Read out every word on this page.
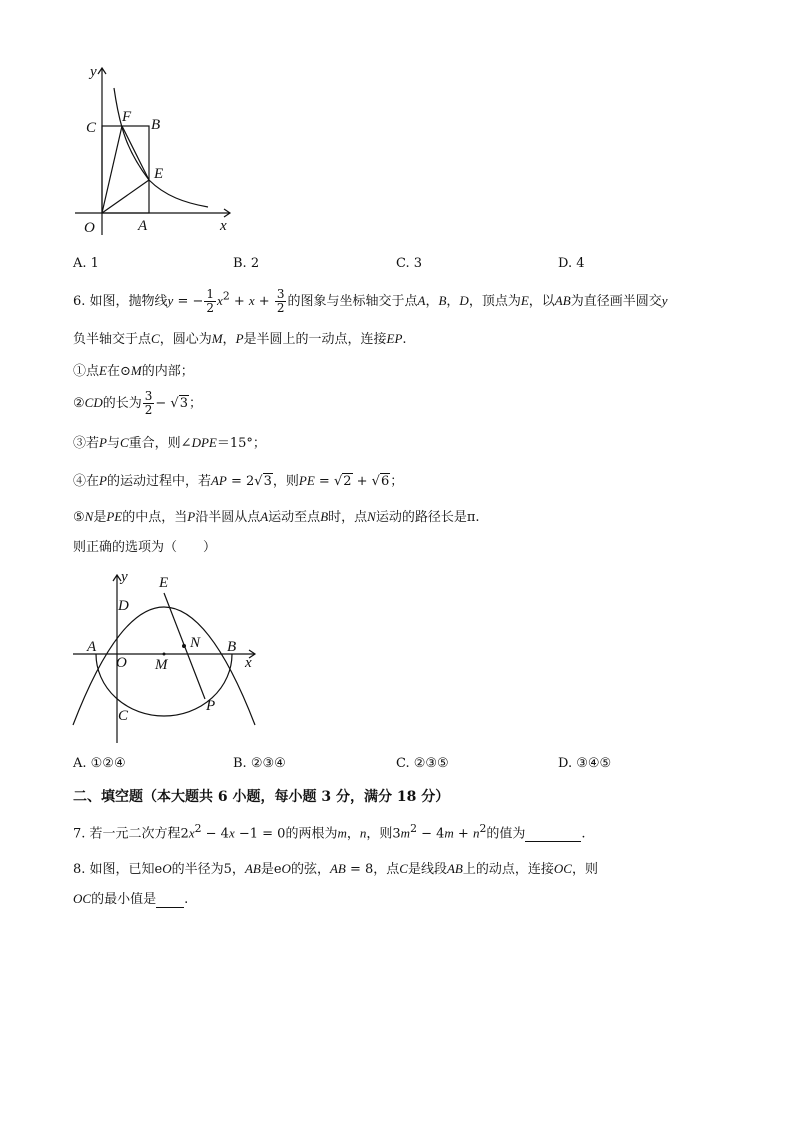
y
x
C
F B
E
O	A
A. 1	B. 2	C. 3	D. 4
6. 如图，抛物线y = − $\frac{1}{2} x^2 + x + \frac{3}{2}$ 的图象与坐标轴交于点A，B，D，顶点为E，以AB为直径画半圆交y
负半轴交于点C，圆心为M，P是半圆上的一动点，连接EP.
①点E在⊙M的内部；
②CD的长为 $\frac{3}{2} - √3$；
③若P与C重合，则∠DPE＝15°；
④在P的运动过程中，若AP = 2√3，则PE = √2 + √6；
⑤N是PE的中点，当P沿半圆从点A运动至点B时，点N运动的路径长是π.
则正确的选项为（　　）
y E
D
N
A
O M
B
x
C
P
A. ①②④	B. ②③④	C. ②③⑤	D. ③④⑤
二、填空题（本大题共 6 小题，每小题 3 分，满分 18 分）
7. 若一元二次方程$2x^2 - 4x -1 = 0$的两根为m，n，则$3m^2 - 4m + n^2$的值为	.
8. 如图，已知eO的半径为5，AB是eO的弦，AB = 8，点C是线段AB上的动点，连接OC，则
OC的最小值是 .
